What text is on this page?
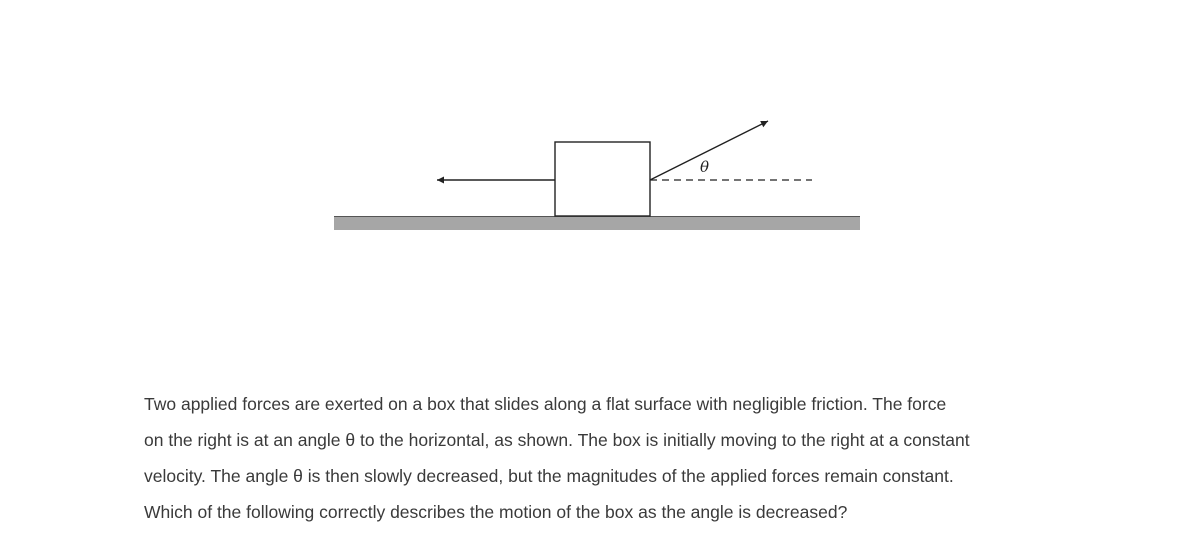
θ

Two applied forces are exerted on a box that slides along a flat surface with negligible friction. The force
on the right is at an angle θ to the horizontal, as shown. The box is initially moving to the right at a constant
velocity. The angle θ is then slowly decreased, but the magnitudes of the applied forces remain constant.
Which of the following correctly describes the motion of the box as the angle is decreased?
